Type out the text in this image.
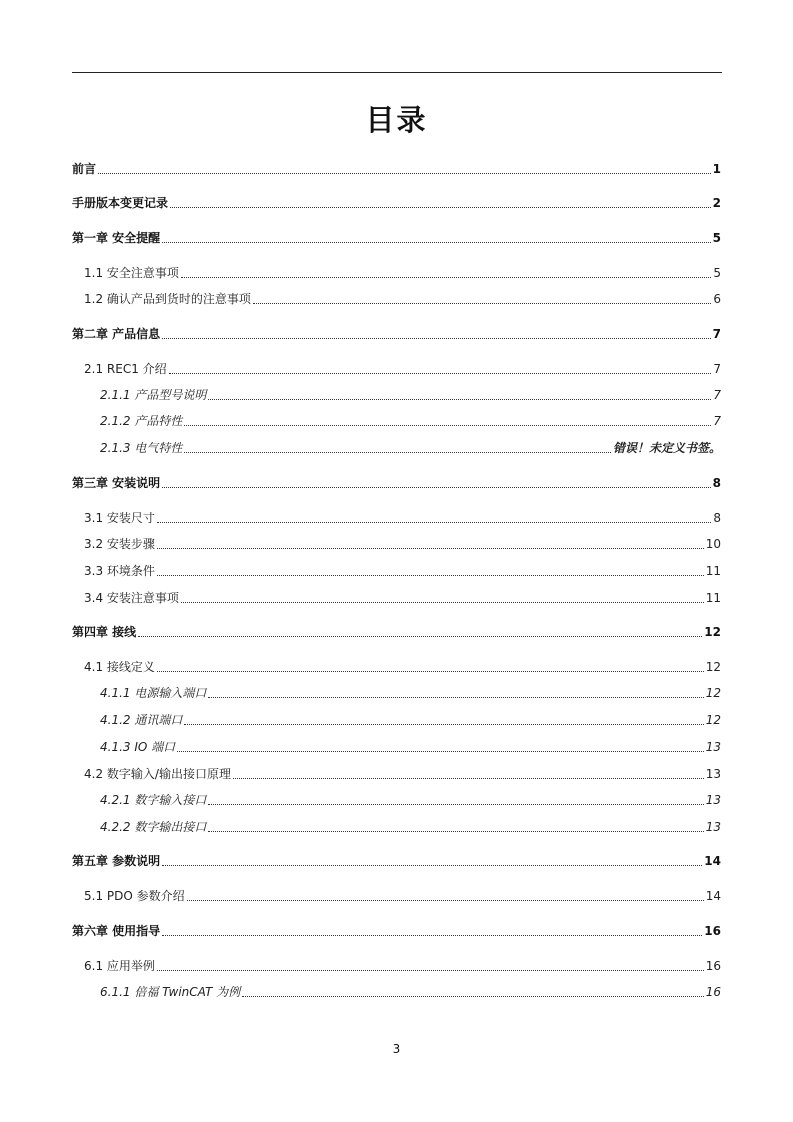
目录
前言	1
手册版本变更记录	2
第一章 安全提醒	5
1.1 安全注意事项	5
1.2 确认产品到货时的注意事项	6
第二章 产品信息	7
2.1 REC1 介绍	7
2.1.1 产品型号说明	7
2.1.2 产品特性	7
2.1.3 电气特性	错误！未定义书签。
第三章 安装说明	8
3.1 安装尺寸	8
3.2 安装步骤	10
3.3 环境条件	11
3.4 安装注意事项	11
第四章 接线	12
4.1 接线定义	12
4.1.1 电源输入端口	12
4.1.2 通讯端口	12
4.1.3 IO 端口	13
4.2 数字输入/输出接口原理	13
4.2.1 数字输入接口	13
4.2.2 数字输出接口	13
第五章 参数说明	14
5.1 PDO 参数介绍	14
第六章 使用指导	16
6.1 应用举例	16
6.1.1 倍福 TwinCAT 为例	16
3
